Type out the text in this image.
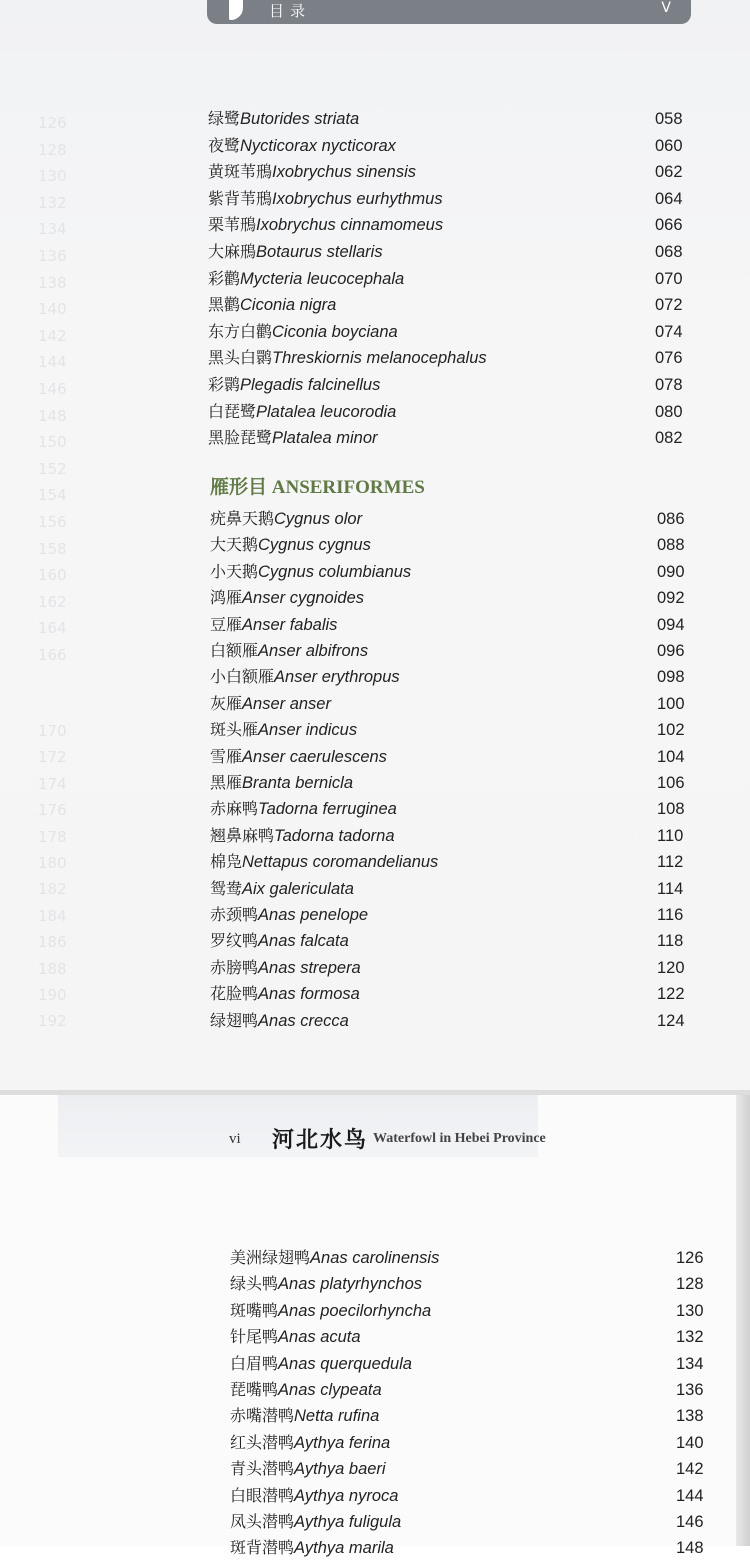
目录	V
126
128
130
132
134
136
138
140
142
144
146
148
150
152
154
156
158
160
162
164
166
170
172
174
176
178
180
182
184
186
188
190
192
绿鹭Butorides striata	058
夜鹭Nycticorax nycticorax	060
黄斑苇鳽Ixobrychus sinensis	062
紫背苇鳽Ixobrychus eurhythmus	064
栗苇鳽Ixobrychus cinnamomeus	066
大麻鳽Botaurus stellaris	068
彩鹳Mycteria leucocephala	070
黑鹳Ciconia nigra	072
东方白鹳Ciconia boyciana	074
黑头白鹮Threskiornis melanocephalus	076
彩鹮Plegadis falcinellus	078
白琵鹭Platalea leucorodia	080
黑脸琵鹭Platalea minor	082
雁形目 ANSERIFORMES
疣鼻天鹅Cygnus olor	086
大天鹅Cygnus cygnus	088
小天鹅Cygnus columbianus	090
鸿雁Anser cygnoides	092
豆雁Anser fabalis	094
白额雁Anser albifrons	096
小白额雁Anser erythropus	098
灰雁Anser anser	100
斑头雁Anser indicus	102
雪雁Anser caerulescens	104
黑雁Branta bernicla	106
赤麻鸭Tadorna ferruginea	108
翘鼻麻鸭Tadorna tadorna	110
棉凫Nettapus coromandelianus	112
鸳鸯Aix galericulata	114
赤颈鸭Anas penelope	116
罗纹鸭Anas falcata	118
赤膀鸭Anas strepera	120
花脸鸭Anas formosa	122
绿翅鸭Anas crecca	124
vi 河北水鸟 Waterfowl in Hebei Province
美洲绿翅鸭Anas carolinensis	126
绿头鸭Anas platyrhynchos	128
斑嘴鸭Anas poecilorhyncha	130
针尾鸭Anas acuta	132
白眉鸭Anas querquedula	134
琵嘴鸭Anas clypeata	136
赤嘴潜鸭Netta rufina	138
红头潜鸭Aythya ferina	140
青头潜鸭Aythya baeri	142
白眼潜鸭Aythya nyroca	144
凤头潜鸭Aythya fuligula	146
斑背潜鸭Aythya marila	148
